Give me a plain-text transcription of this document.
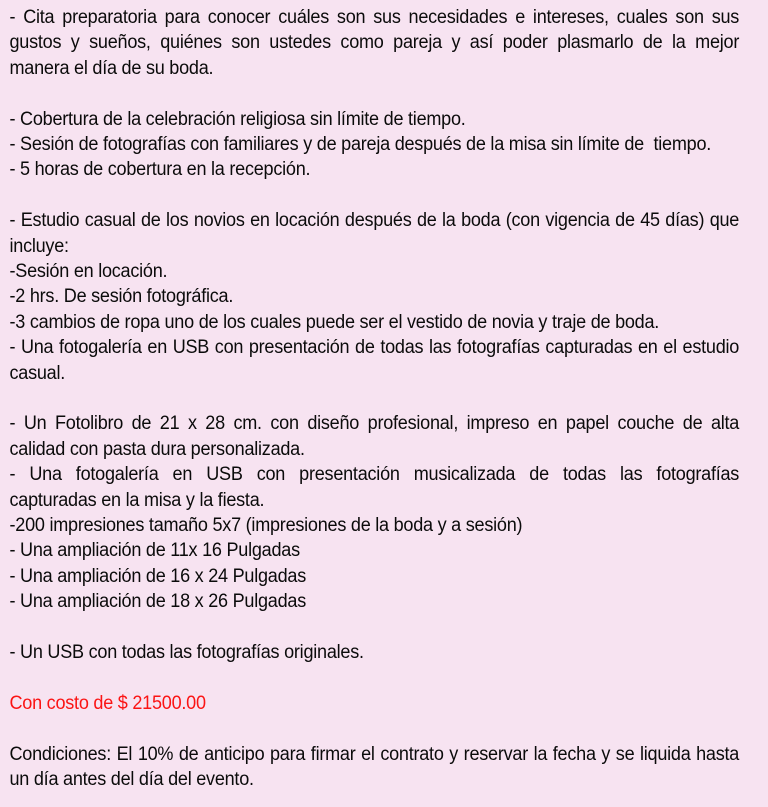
- Cita preparatoria para conocer cuáles son sus necesidades e intereses, cuales son sus
gustos y sueños, quiénes son ustedes como pareja y así poder plasmarlo de la mejor
manera el día de su boda.
- Cobertura de la celebración religiosa sin límite de tiempo.
- Sesión de fotografías con familiares y de pareja después de la misa sin límite de  tiempo.
- 5 horas de cobertura en la recepción.
- Estudio casual de los novios en locación después de la boda (con vigencia de 45 días) que
incluye:
-Sesión en locación.
-2 hrs. De sesión fotográfica.
-3 cambios de ropa uno de los cuales puede ser el vestido de novia y traje de boda.
- Una fotogalería en USB con presentación de todas las fotografías capturadas en el estudio
casual.
- Un Fotolibro de 21 x 28 cm. con diseño profesional, impreso en papel couche de alta
calidad con pasta dura personalizada.
- Una fotogalería en USB con presentación musicalizada de todas las fotografías
capturadas en la misa y la fiesta.
-200 impresiones tamaño 5x7 (impresiones de la boda y a sesión)
- Una ampliación de 11x 16 Pulgadas
- Una ampliación de 16 x 24 Pulgadas
- Una ampliación de 18 x 26 Pulgadas
- Un USB con todas las fotografías originales.
Con costo de $ 21500.00
Condiciones: El 10% de anticipo para firmar el contrato y reservar la fecha y se liquida hasta
un día antes del día del evento.
